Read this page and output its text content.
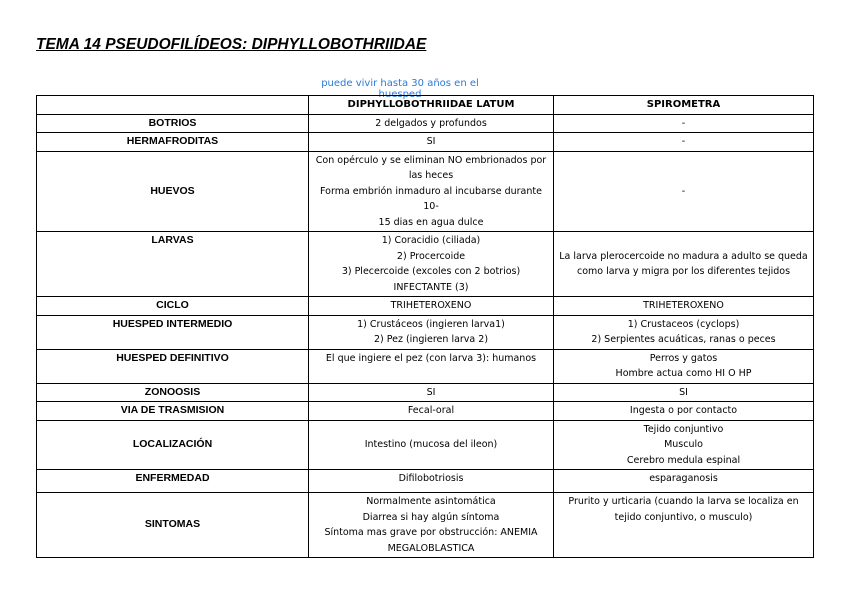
TEMA 14 PSEUDOFILÍDEOS: DIPHYLLOBOTHRIIDAE
puede vivir hasta 30 años en el huesped
	DIPHYLLOBOTHRIIDAE LATUM	SPIROMETRA
BOTRIOS	2 delgados y profundos	-

HERMAFRODITAS	SI	-

HUEVOS	Con opérculo y se eliminan NO embrionados por
las heces
Forma embrión inmaduro al incubarse durante 10-
15 dias en agua dulce	-

LARVAS	1) Coracidio (ciliada)
2) Procercoide
3) Plecercoide (excoles con 2 botrios)
INFECTANTE (3)	La larva plerocercoide no madura a adulto se queda
como larva y migra por los diferentes tejidos

CICLO	TRIHETEROXENO	TRIHETEROXENO

HUESPED INTERMEDIO	1) Crustáceos (ingieren larva1)
2) Pez (ingieren larva 2)	1) Crustaceos (cyclops)
2) Serpientes acuáticas, ranas o peces

HUESPED DEFINITIVO	El que ingiere el pez (con larva 3): humanos	Perros y gatos
Hombre actua como HI O HP

ZONOOSIS	SI	SI

VIA DE TRASMISION	Fecal-oral	Ingesta o por contacto

LOCALIZACIÓN	Intestino (mucosa del ileon)	Tejido conjuntivo
Musculo
Cerebro medula espinal

ENFERMEDAD	Difilobotriosis	esparaganosis

SINTOMAS	Normalmente asintomática
Diarrea si hay algún síntoma
Síntoma mas grave por obstrucción: ANEMIA
MEGALOBLASTICA	Prurito y urticaria (cuando la larva se localiza en
tejido conjuntivo, o musculo)
